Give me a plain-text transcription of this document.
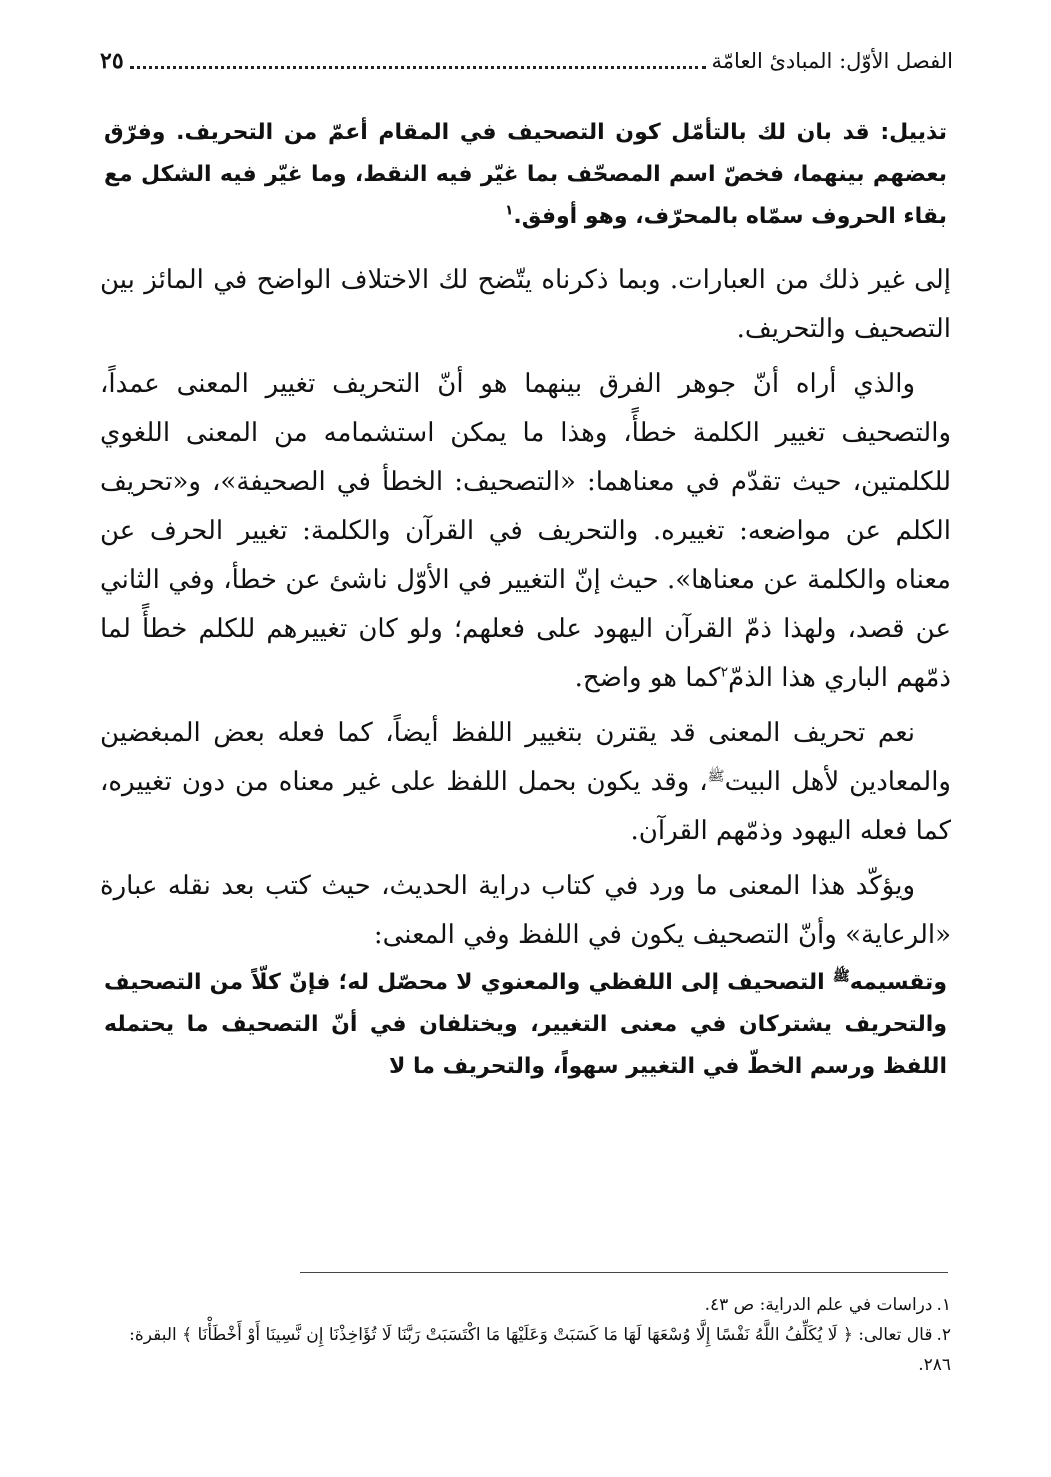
الفصل الأوّل: المبادئ العامّة
٢٥

تذييل: قد بان لك بالتأمّل كون التصحيف في المقام أعمّ من التحريف. وفرّق بعضهم بينهما، فخصّ اسم المصحّف بما غيّر فيه النقط، وما غيّر فيه الشكل مع بقاء الحروف سمّاه بالمحرّف، وهو أوفق.$^١$

إلى غير ذلك من العبارات. وبما ذكرناه يتّضح لك الاختلاف الواضح في المائز بين التصحيف والتحريف.

والذي أراه أنّ جوهر الفرق بينهما هو أنّ التحريف تغيير المعنى عمداً، والتصحيف تغيير الكلمة خطأً، وهذا ما يمكن استشمامه من المعنى اللغوي للكلمتين، حيث تقدّم في معناهما: «التصحيف: الخطأ في الصحيفة»، و«تحريف الكلم عن مواضعه: تغييره. والتحريف في القرآن والكلمة: تغيير الحرف عن معناه والكلمة عن معناها». حيث إنّ التغيير في الأوّل ناشئ عن خطأ، وفي الثاني عن قصد، ولهذا ذمّ القرآن اليهود على فعلهم؛ ولو كان تغييرهم للكلم خطأً لما ذمّهم الباري هذا الذمّ$^٢$كما هو واضح.

نعم تحريف المعنى قد يقترن بتغيير اللفظ أيضاً، كما فعله بعض المبغضين والمعادين لأهل البيت$^ﷺ$، وقد يكون بحمل اللفظ على غير معناه من دون تغييره، كما فعله اليهود وذمّهم القرآن.

ويؤكّد هذا المعنى ما ورد في كتاب دراية الحديث، حيث كتب بعد نقله عبارة «الرعاية» وأنّ التصحيف يكون في اللفظ وفي المعنى:

وتقسيمه$^ﷺ$ التصحيف إلى اللفظي والمعنوي لا محصّل له؛ فإنّ كلّاً من التصحيف والتحريف يشتركان في معنى التغيير، ويختلفان في أنّ التصحيف ما يحتمله اللفظ ورسم الخطّ في التغيير سهواً، والتحريف ما لا

١.دراسات في علم الدراية: ص ٤٣.

٢.قال تعالى: ﴿ لَا يُكَلِّفُ اللَّهُ نَفْسًا إِلَّا وُسْعَهَا لَهَا مَا كَسَبَتْ وَعَلَيْهَا مَا اكْتَسَبَتْ رَبَّنَا لَا تُؤَاخِذْنَا إِن نَّسِينَا أَوْ أَخْطَأْنَا ﴾ البقرة: ٢٨٦.
